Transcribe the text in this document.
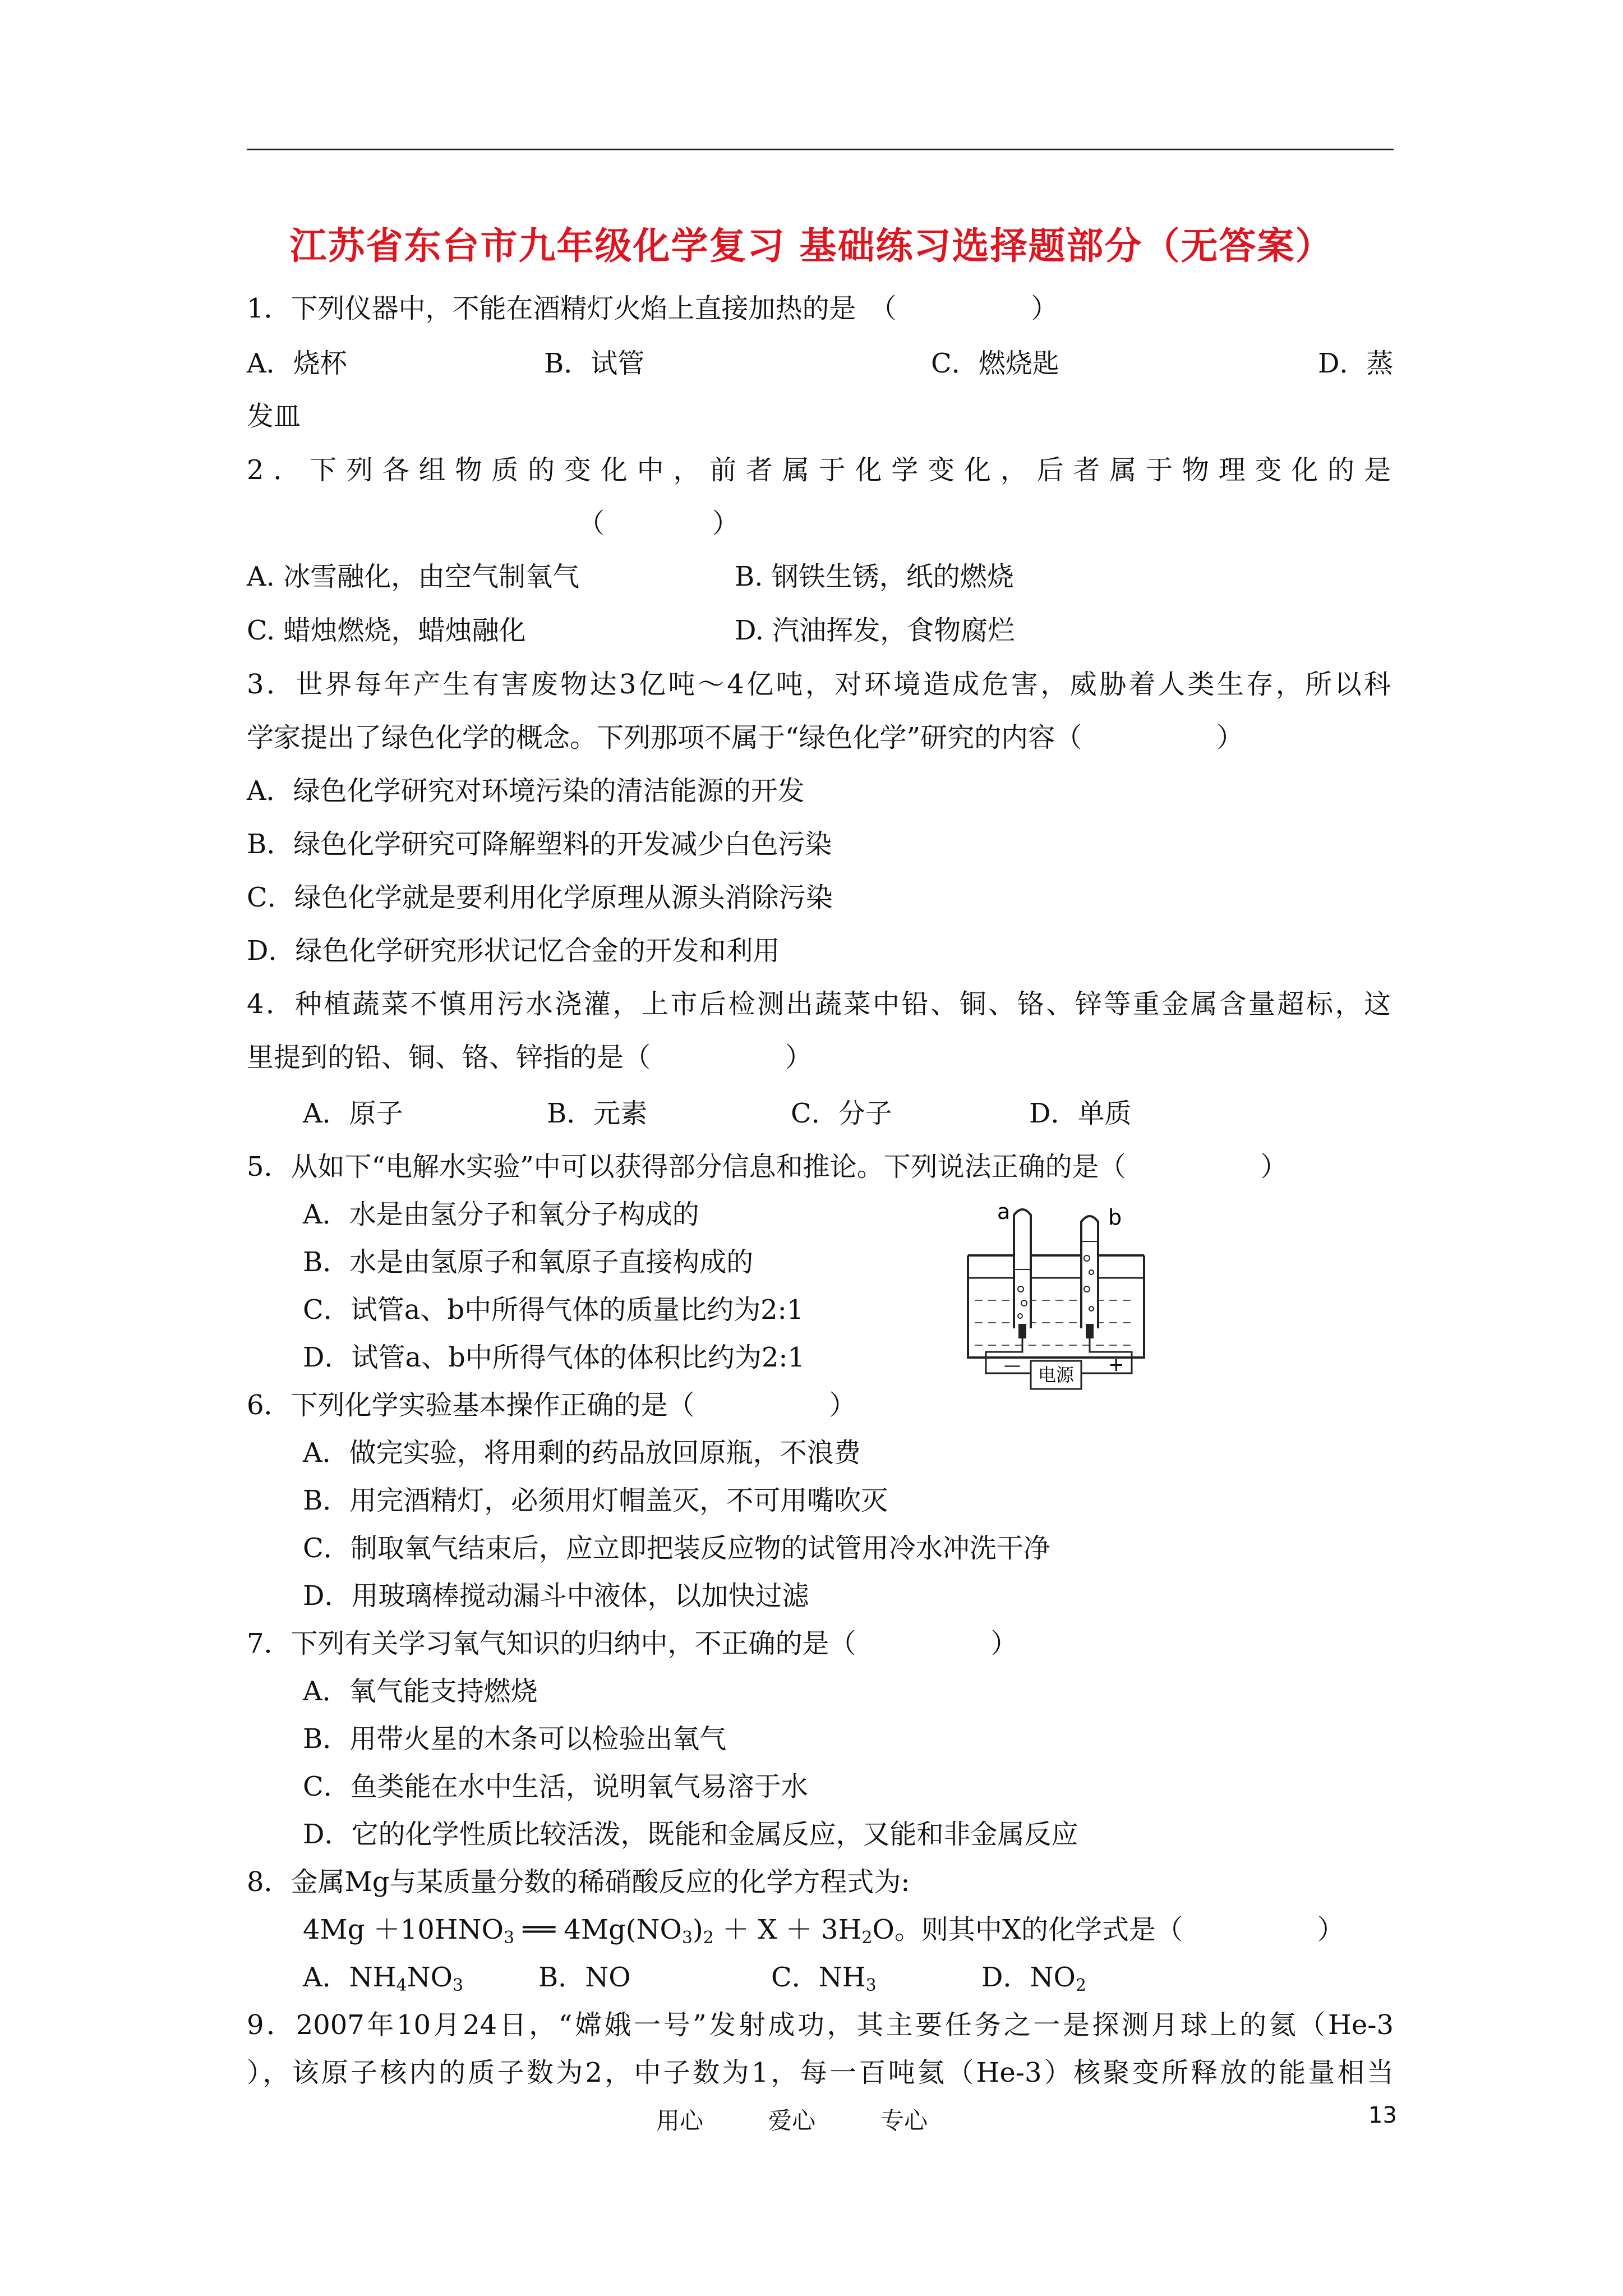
江苏省东台市九年级化学复习 基础练习选择题部分（无答案）
1．下列仪器中，不能在酒精灯火焰上直接加热的是　（　　　　　）
A．烧杯	B．试管	C．燃烧匙	D．蒸
发皿
2．下列各组物质的变化中，前者属于化学变化，后者属于物理变化的是
（　　　　）
A. 冰雪融化，由空气制氧气	B. 钢铁生锈，纸的燃烧
C. 蜡烛燃烧，蜡烛融化	D. 汽油挥发，食物腐烂
3．世界每年产生有害废物达3亿吨～4亿吨，对环境造成危害，威胁着人类生存，所以科
学家提出了绿色化学的概念。下列那项不属于“绿色化学”研究的内容（　　　　　）
A．绿色化学研究对环境污染的清洁能源的开发
B．绿色化学研究可降解塑料的开发减少白色污染
C．绿色化学就是要利用化学原理从源头消除污染
D．绿色化学研究形状记忆合金的开发和利用
4．种植蔬菜不慎用污水浇灌，上市后检测出蔬菜中铅、铜、铬、锌等重金属含量超标，这
里提到的铅、铜、铬、锌指的是（　　　　　）
A．原子	B．元素	C．分子	D．单质
5．从如下“电解水实验”中可以获得部分信息和推论。下列说法正确的是（　　　　　）
A．水是由氢分子和氧分子构成的
B．水是由氢原子和氧原子直接构成的
C．试管a、b中所得气体的质量比约为2:1
D．试管a、b中所得气体的体积比约为2:1
电源
a	b
—	+
6．下列化学实验基本操作正确的是（　　　　　）
A．做完实验，将用剩的药品放回原瓶，不浪费
B．用完酒精灯，必须用灯帽盖灭，不可用嘴吹灭
C．制取氧气结束后，应立即把装反应物的试管用冷水冲洗干净
D．用玻璃棒搅动漏斗中液体，以加快过滤
7．下列有关学习氧气知识的归纳中，不正确的是（　　　　　）
A．氧气能支持燃烧
B．用带火星的木条可以检验出氧气
C．鱼类能在水中生活，说明氧气易溶于水
D．它的化学性质比较活泼，既能和金属反应，又能和非金属反应
8．金属Mg与某质量分数的稀硝酸反应的化学方程式为:
$4Mg +10HNO_3$ ══ $4Mg(NO_3)_2 + X + 3H_2O$。则其中X的化学式是（　　　　　）
A．$NH_4NO_3$	B．NO	C．$NH_3$	D．$NO_2$
9．2007年10月24日，“嫦娥一号”发射成功，其主要任务之一是探测月球上的氦（He-3
），该原子核内的质子数为2，中子数为1，每一百吨氦（He-3）核聚变所释放的能量相当
用心	爱心	专心	13
